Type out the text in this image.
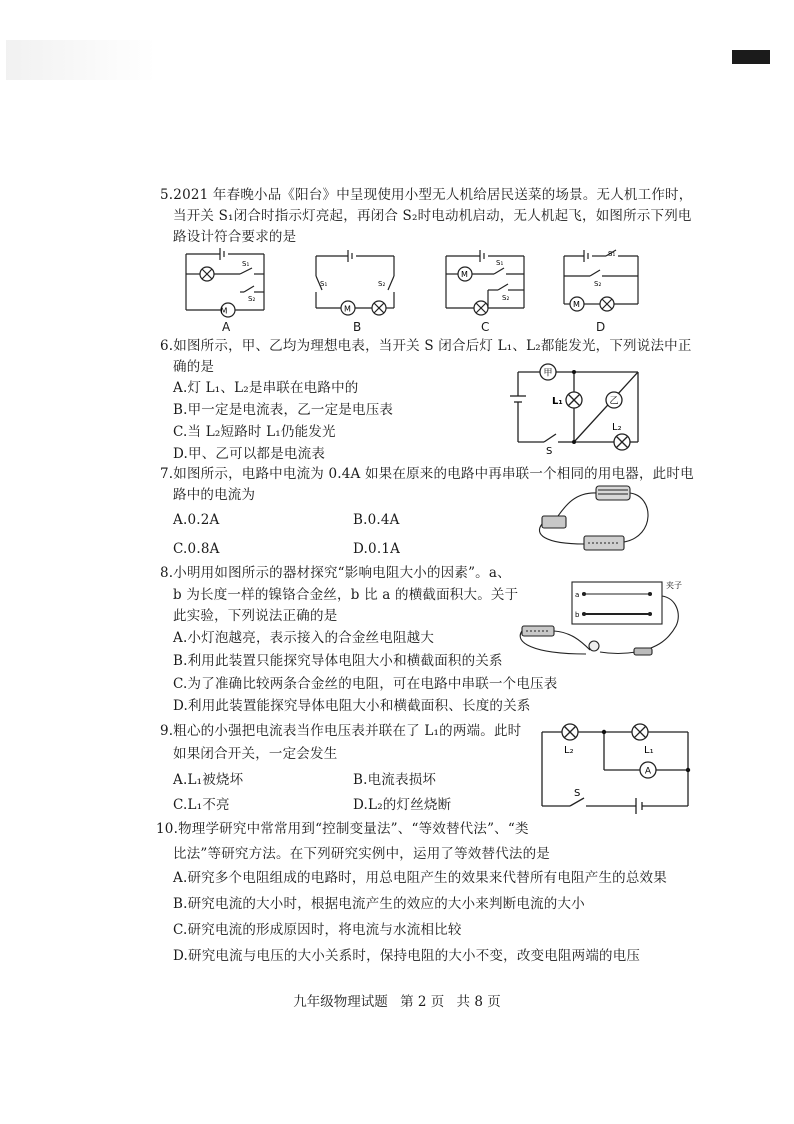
5.2021 年春晚小品《阳台》中呈现使用小型无人机给居民送菜的场景。无人机工作时，
当开关 S₁闭合时指示灯亮起，再闭合 S₂时电动机启动，无人机起飞，如图所示下列电
路设计符合要求的是
M
S₁
S₂
A
M
S₁	S₂
B
M
S₁
S₂
C
M
S₁
S₂
D
6.如图所示，甲、乙均为理想电表，当开关 S 闭合后灯 L₁、L₂都能发光，下列说法中正
确的是
A.灯 L₁、L₂是串联在电路中的
B.甲一定是电流表，乙一定是电压表
C.当 L₂短路时 L₁仍能发光
D.甲、乙可以都是电流表
甲
乙
L₁
L₂
S
7.如图所示，电路中电流为 0.4A 如果在原来的电路中再串联一个相同的用电器，此时电
路中的电流为
A.0.2A	B.0.4A
C.0.8A	D.0.1A
8.小明用如图所示的器材探究“影响电阻大小的因素”。a、
b 为长度一样的镍铬合金丝，b 比 a 的横截面积大。关于
此实验，下列说法正确的是
A.小灯泡越亮，表示接入的合金丝电阻越大
B.利用此装置只能探究导体电阻大小和横截面积的关系
C.为了准确比较两条合金丝的电阻，可在电路中串联一个电压表
D.利用此装置能探究导体电阻大小和横截面积、长度的关系
a
b
夹子
9.粗心的小强把电流表当作电压表并联在了 L₁的两端。此时
如果闭合开关，一定会发生
A.L₁被烧坏	B.电流表损坏
C.L₁不亮	D.L₂的灯丝烧断
A
L₂	L₁
S
10.物理学研究中常常用到“控制变量法”、“等效替代法”、“类
比法”等研究方法。在下列研究实例中，运用了等效替代法的是
A.研究多个电阻组成的电路时，用总电阻产生的效果来代替所有电阻产生的总效果
B.研究电流的大小时，根据电流产生的效应的大小来判断电流的大小
C.研究电流的形成原因时，将电流与水流相比较
D.研究电流与电压的大小关系时，保持电阻的大小不变，改变电阻两端的电压
九年级物理试题 第 2 页 共 8 页
